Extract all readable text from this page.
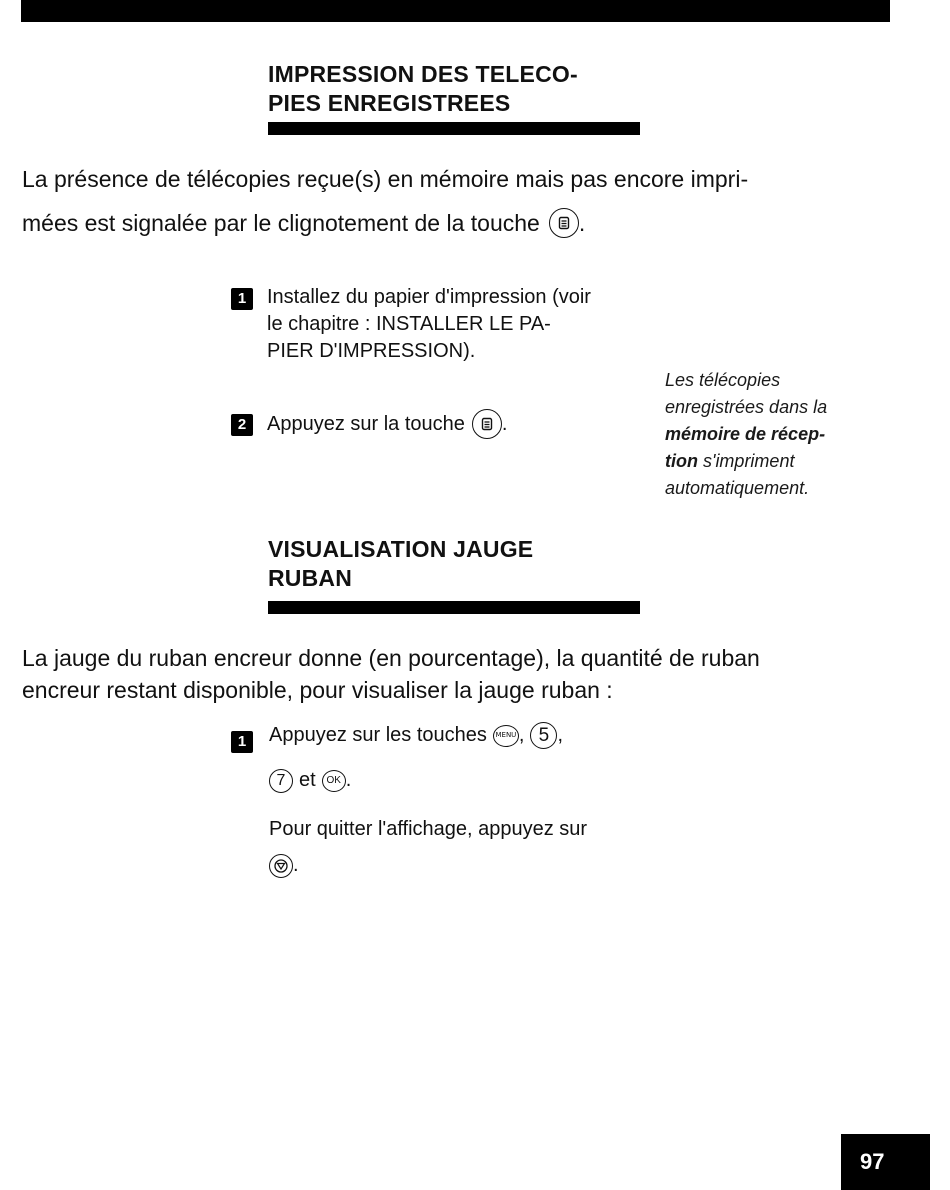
IMPRESSION DES TELECO-
PIES ENREGISTREES
La présence de télécopies reçue(s) en mémoire mais pas encore impri-
mées est signalée par le clignotement de la touche .
1	Installez du papier d'impression (voir
le chapitre : INSTALLER LE PA-
PIER D'IMPRESSION).
2	Appuyez sur la touche .
Les télécopies
enregistrées dans la
mémoire de récep-
tion s'impriment
automatiquement.
VISUALISATION JAUGE
RUBAN
La jauge du ruban encreur donne (en pourcentage), la quantité de ruban
encreur restant disponible, pour visualiser la jauge ruban :
1	Appuyez sur les touches	MENU , 5 ,
7 et	OK .
Pour quitter l'affichage, appuyez sur
.
97
